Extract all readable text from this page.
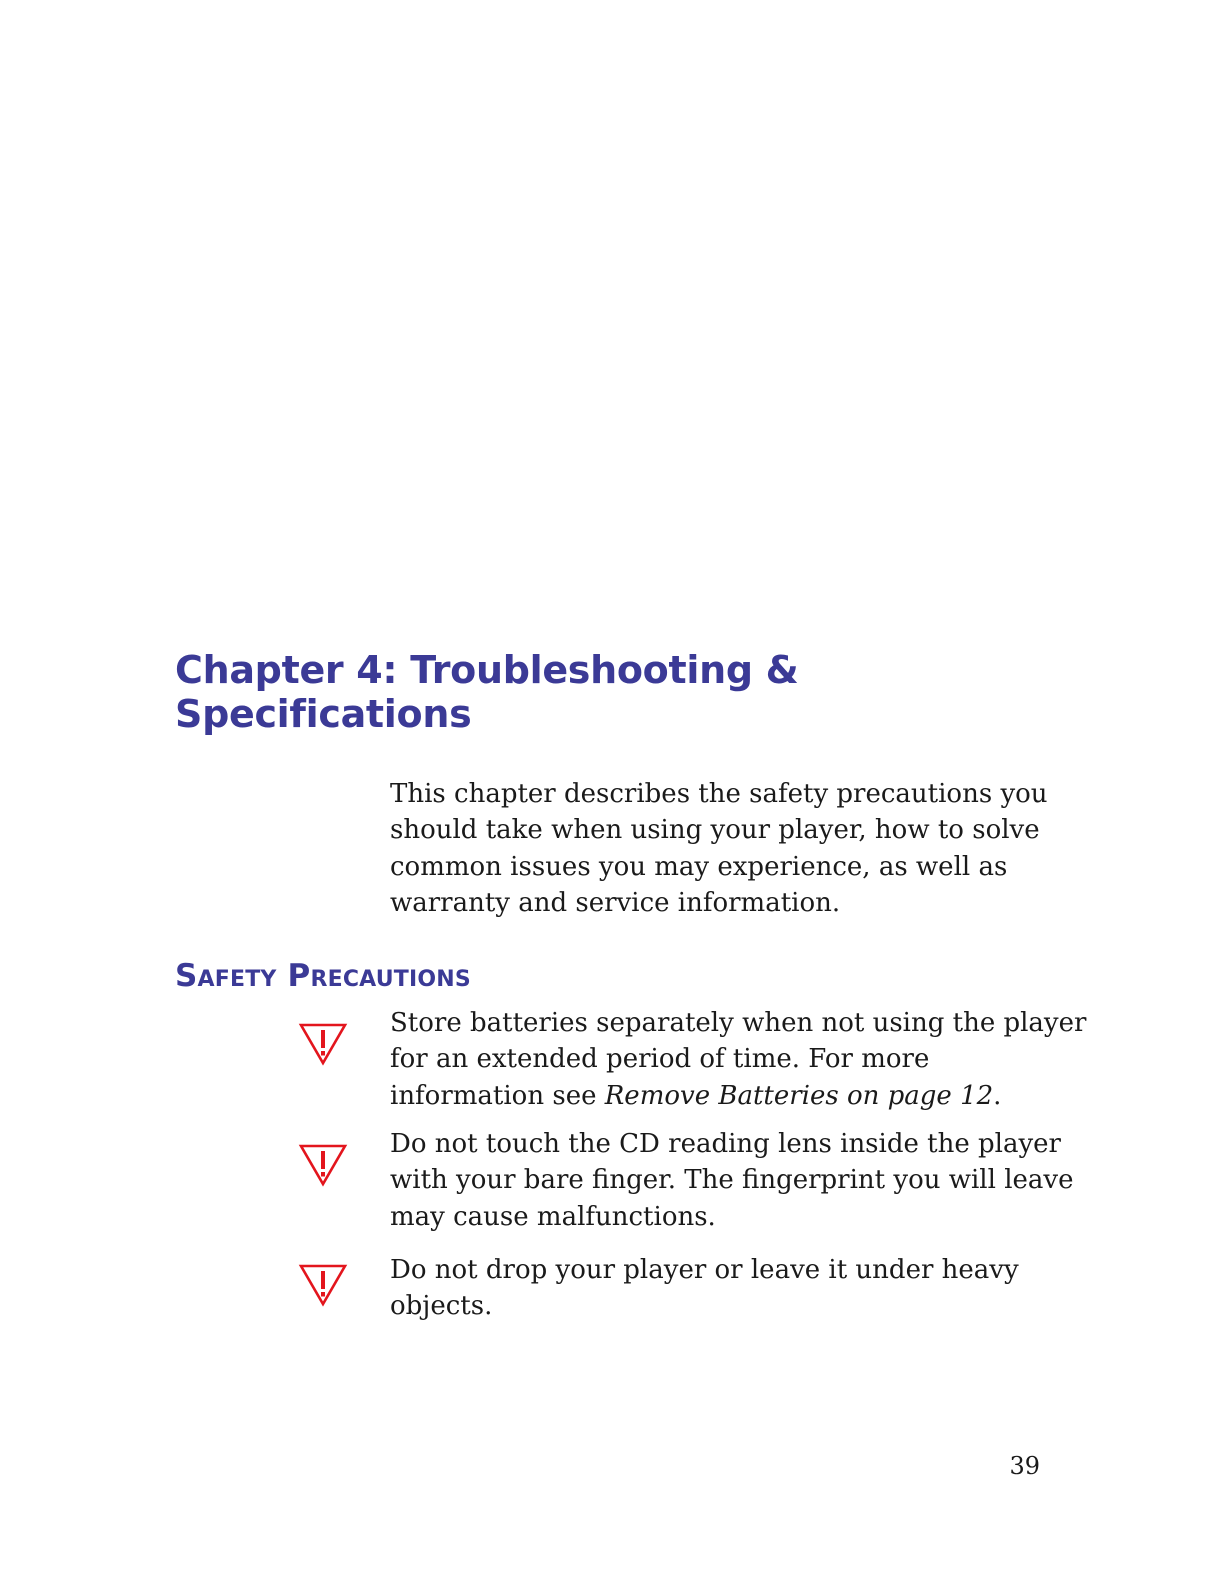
Chapter 4: Troubleshooting &
Specifications

This chapter describes the safety precautions you
should take when using your player, how to solve
common issues you may experience, as well as
warranty and service information.

Safety Precautions

Store batteries separately when not using the player
for an extended period of time. For more
information see Remove Batteries on page 12.

Do not touch the CD reading lens inside the player
with your bare finger. The fingerprint you will leave
may cause malfunctions.

Do not drop your player or leave it under heavy
objects.

39
